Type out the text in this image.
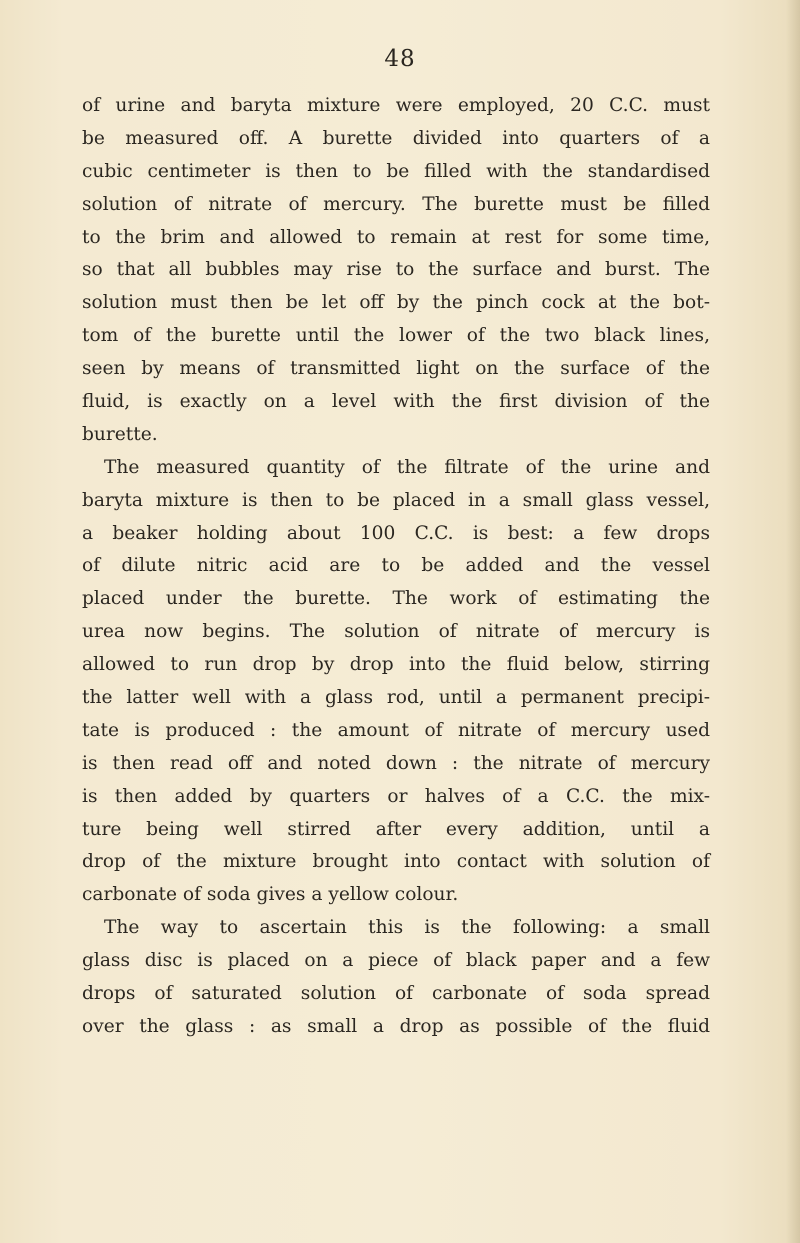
48
of urine and baryta mixture were employed, 20 C.C. must
be measured off. A burette divided into quarters of a
cubic centimeter is then to be filled with the standardised
solution of nitrate of mercury. The burette must be filled
to the brim and allowed to remain at rest for some time,
so that all bubbles may rise to the surface and burst. The
solution must then be let off by the pinch cock at the bot-
tom of the burette until the lower of the two black lines,
seen by means of transmitted light on the surface of the
fluid, is exactly on a level with the first division of the
burette.
The measured quantity of the filtrate of the urine and
baryta mixture is then to be placed in a small glass vessel,
a beaker holding about 100 C.C. is best: a few drops
of dilute nitric acid are to be added and the vessel
placed under the burette. The work of estimating the
urea now begins. The solution of nitrate of mercury is
allowed to run drop by drop into the fluid below, stirring
the latter well with a glass rod, until a permanent precipi-
tate is produced : the amount of nitrate of mercury used
is then read off and noted down : the nitrate of mercury
is then added by quarters or halves of a C.C. the mix-
ture being well stirred after every addition, until a
drop of the mixture brought into contact with solution of
carbonate of soda gives a yellow colour.
The way to ascertain this is the following: a small
glass disc is placed on a piece of black paper and a few
drops of saturated solution of carbonate of soda spread
over the glass : as small a drop as possible of the fluid
